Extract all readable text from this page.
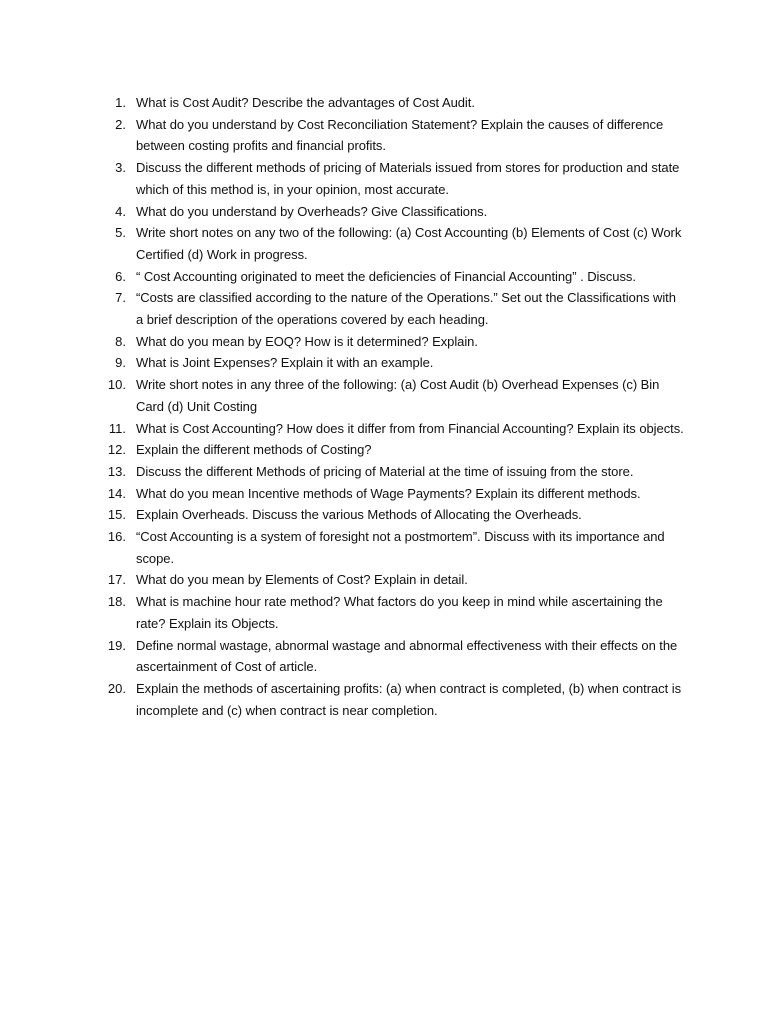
1. What is Cost Audit? Describe the advantages of Cost Audit.
2. What do you understand by Cost Reconciliation Statement? Explain the causes of difference between costing profits and financial profits.
3. Discuss the different methods of pricing of Materials issued from stores for production and state which of this method is, in your opinion, most accurate.
4. What do you understand by Overheads? Give Classifications.
5. Write short notes on any two of the following: (a) Cost Accounting (b) Elements of Cost (c) Work Certified (d) Work in progress.
6. “ Cost Accounting originated to meet the deficiencies of Financial Accounting” . Discuss.
7. “Costs are classified according to the nature of the Operations.” Set out the Classifications with a brief description of the operations covered by each heading.
8. What do you mean by EOQ? How is it determined? Explain.
9. What is Joint Expenses? Explain it with an example.
10. Write short notes in any three of the following: (a) Cost Audit (b) Overhead Expenses (c) Bin Card (d) Unit Costing
11. What is Cost Accounting? How does it differ from from Financial Accounting? Explain its objects.
12. Explain the different methods of Costing?
13. Discuss the different Methods of pricing of Material at the time of issuing from the store.
14. What do you mean Incentive methods of Wage Payments? Explain its different methods.
15. Explain Overheads. Discuss the various Methods of Allocating the Overheads.
16. “Cost Accounting is a system of foresight not a postmortem”. Discuss with its importance and scope.
17. What do you mean by Elements of Cost? Explain in detail.
18. What is machine hour rate method? What factors do you keep in mind while ascertaining the rate? Explain its Objects.
19. Define normal wastage, abnormal wastage and abnormal effectiveness with their effects on the ascertainment of Cost of article.
20. Explain the methods of ascertaining profits: (a) when contract is completed, (b) when contract is incomplete and (c) when contract is near completion.
